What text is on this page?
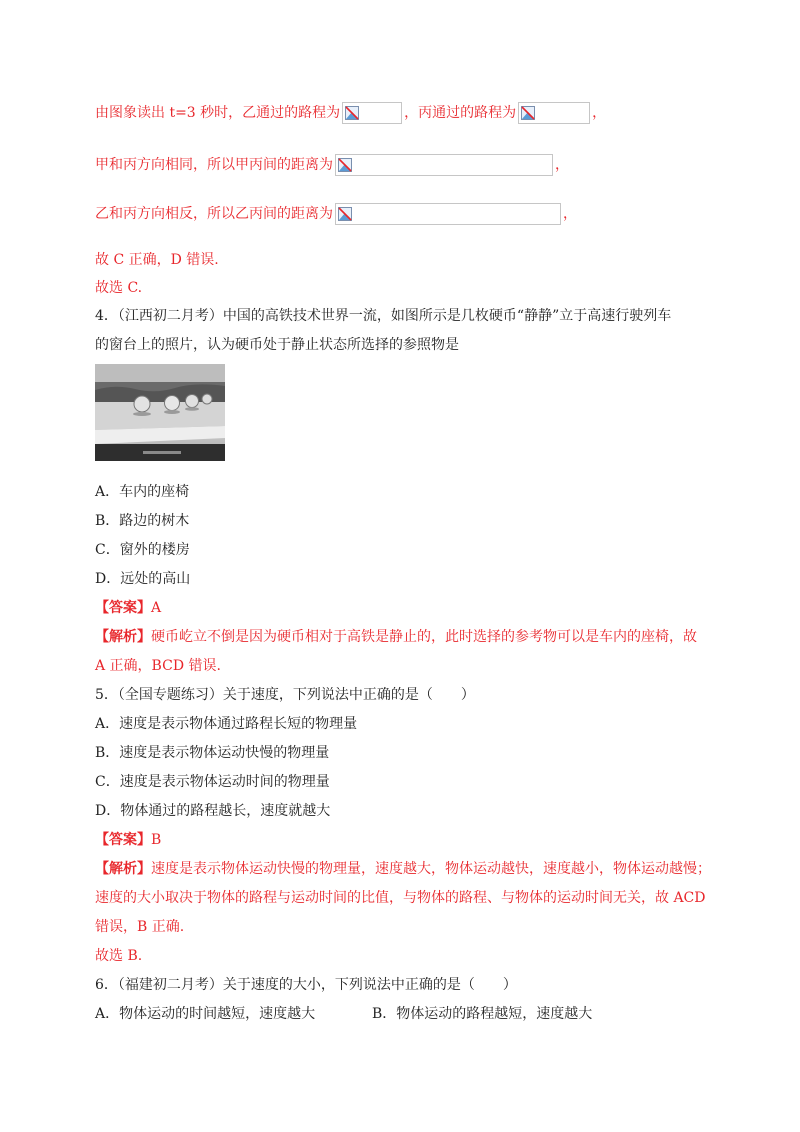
由图象读出 t=3 秒时，乙通过的路程为	，丙通过的路程为	，
甲和丙方向相同，所以甲丙间的距离为	，
乙和丙方向相反，所以乙丙间的距离为	，
故 C 正确，D 错误.
故选 C.
4．（江西初二月考）中国的高铁技术世界一流，如图所示是几枚硬币“静静”立于高速行驶列车
的窗台上的照片，认为硬币处于静止状态所选择的参照物是
A．车内的座椅
B．路边的树木
C．窗外的楼房
D．远处的高山
【答案】A
【解析】硬币屹立不倒是因为硬币相对于高铁是静止的，此时选择的参考物可以是车内的座椅，故
A 正确，BCD 错误.
5．（全国专题练习）关于速度，下列说法中正确的是（　　）
A．速度是表示物体通过路程长短的物理量
B．速度是表示物体运动快慢的物理量
C．速度是表示物体运动时间的物理量
D．物体通过的路程越长，速度就越大
【答案】B
【解析】速度是表示物体运动快慢的物理量，速度越大，物体运动越快，速度越小，物体运动越慢；
速度的大小取决于物体的路程与运动时间的比值，与物体的路程、与物体的运动时间无关，故 ACD
错误，B 正确.
故选 B.
6．（福建初二月考）关于速度的大小，下列说法中正确的是（　　）
A．物体运动的时间越短，速度越大	B．物体运动的路程越短，速度越大
